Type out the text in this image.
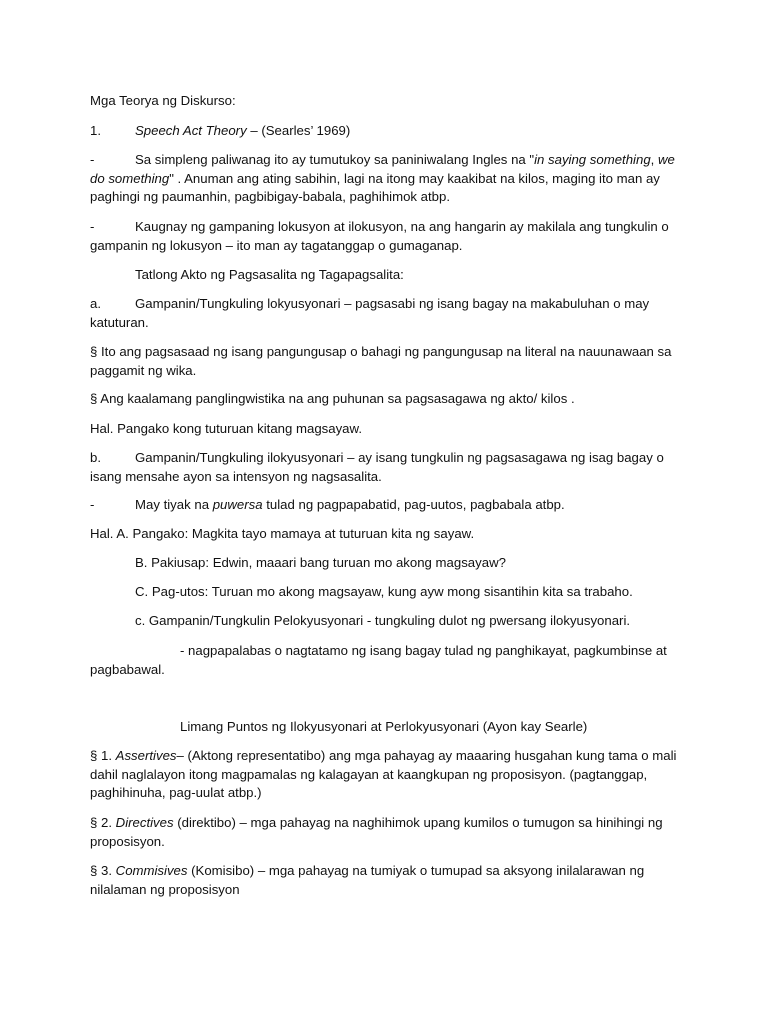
Mga Teorya ng Diskurso:

1.	Speech Act Theory – (Searles’ 1969)

-	Sa simpleng paliwanag ito ay tumutukoy sa paniniwalang Ingles na "in saying something, we do something" . Anuman ang ating sabihin, lagi na itong may kaakibat na kilos, maging ito man ay paghingi ng paumanhin, pagbibigay-babala, paghihimok atbp.

-	Kaugnay ng gampaning lokusyon at ilokusyon, na ang hangarin ay makilala ang tungkulin o gampanin ng lokusyon – ito man ay tagatanggap o gumaganap.

Tatlong Akto ng Pagsasalita ng Tagapagsalita:

a.	Gampanin/Tungkuling lokyusyonari – pagsasabi ng isang bagay na makabuluhan o may katuturan.

§ Ito ang pagsasaad ng isang pangungusap o bahagi ng pangungusap na literal na nauunawaan sa paggamit ng wika.

§ Ang kaalamang panglingwistika na ang puhunan sa pagsasagawa ng akto/ kilos .

Hal. Pangako kong tuturuan kitang magsayaw.

b.	Gampanin/Tungkuling ilokyusyonari – ay isang tungkulin ng pagsasagawa ng isag bagay o isang mensahe ayon sa intensyon ng nagsasalita.

-	May tiyak na puwersa tulad ng pagpapabatid, pag-uutos, pagbabala atbp.

Hal. A. Pangako: Magkita tayo mamaya at tuturuan kita ng sayaw.

B. Pakiusap: Edwin, maaari bang turuan mo akong magsayaw?

C. Pag-utos: Turuan mo akong magsayaw, kung ayw mong sisantihin kita sa trabaho.

c. Gampanin/Tungkulin Pelokyusyonari - tungkuling dulot ng pwersang ilokyusyonari.

- nagpapalabas o nagtatamo ng isang bagay tulad ng panghikayat, pagkumbinse at
pagbabawal.

Limang Puntos ng Ilokyusyonari at Perlokyusyonari (Ayon kay Searle)

§ 1. Assertives– (Aktong representatibo) ang mga pahayag ay maaaring husgahan kung tama o mali dahil naglalayon itong magpamalas ng kalagayan at kaangkupan ng proposisyon. (pagtanggap, paghihinuha, pag-uulat atbp.)

§ 2. Directives (direktibo) – mga pahayag na naghihimok upang kumilos o tumugon sa hinihingi ng proposisyon.

§ 3. Commisives (Komisibo) – mga pahayag na tumiyak o tumupad sa aksyong inilalarawan ng nilalaman ng proposisyon
